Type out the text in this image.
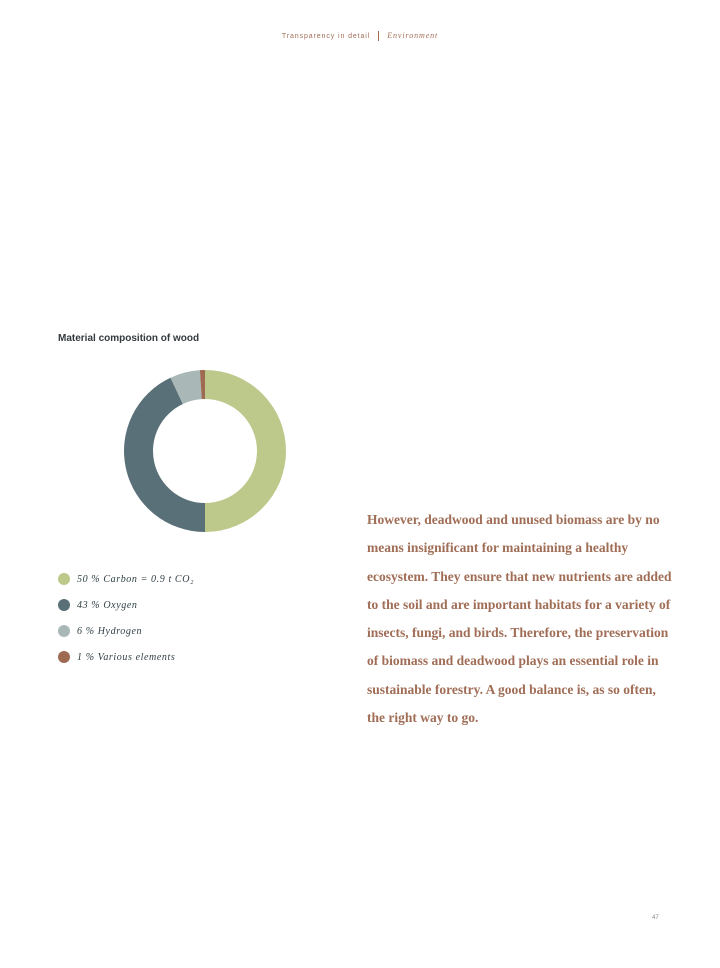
Transparency in detail Environment
Material composition of wood
50 % Carbon = 0.9 t CO₂
43 % Oxygen
6 % Hydrogen
1 % Various elements
However, deadwood and unused biomass are by no means insignificant for maintaining a healthy ecosystem. They ensure that new nutrients are added to the soil and are important habitats for a variety of insects, fungi, and birds. Therefore, the preservation of biomass and deadwood plays an essential role in sustainable forestry. A good balance is, as so often, the right way to go.
47
